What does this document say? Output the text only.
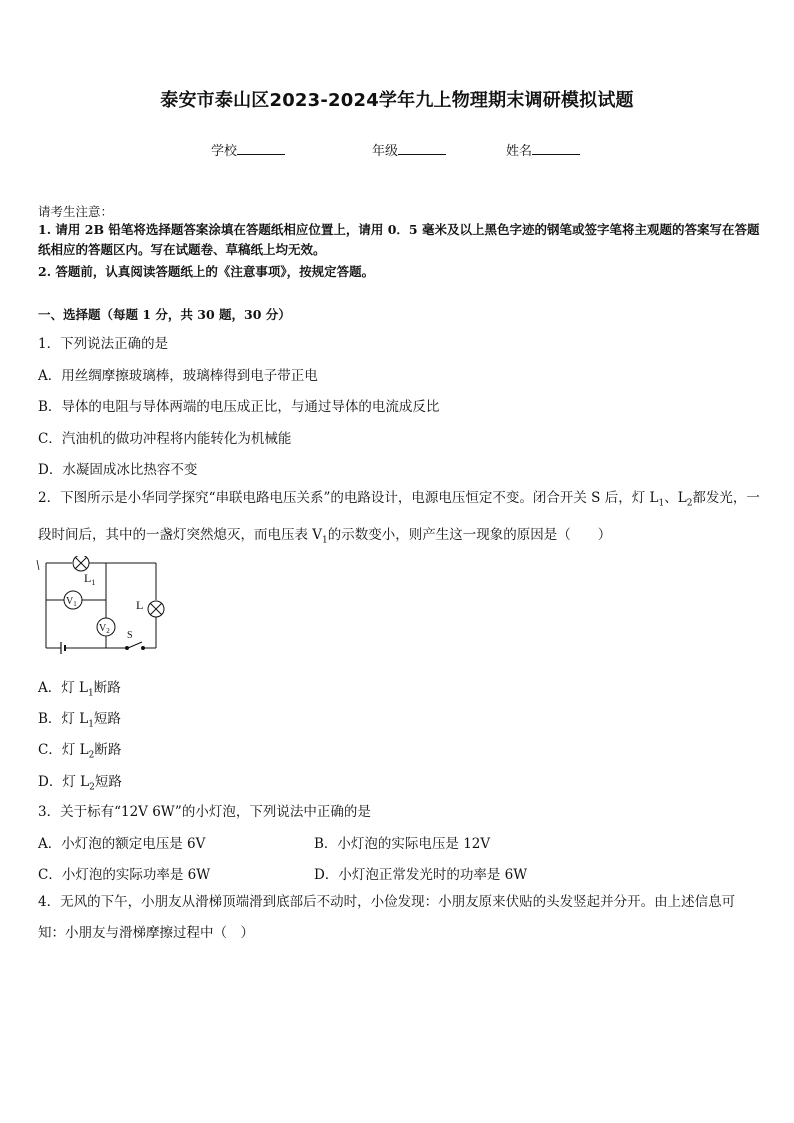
泰安市泰山区2023-2024学年九上物理期末调研模拟试题
学校	年级	姓名
请考生注意：
1. 请用 2B 铅笔将选择题答案涂填在答题纸相应位置上，请用 0．5 毫米及以上黑色字迹的钢笔或签字笔将主观题的答案写在答题纸相应的答题区内。写在试题卷、草稿纸上均无效。
2. 答题前，认真阅读答题纸上的《注意事项》，按规定答题。
一、选择题（每题 1 分，共 30 题，30 分）
1．下列说法正确的是
A．用丝绸摩擦玻璃棒，玻璃棒得到电子带正电
B．导体的电阻与导体两端的电压成正比，与通过导体的电流成反比
C．汽油机的做功冲程将内能转化为机械能
D．水凝固成冰比热容不变
2．下图所示是小华同学探究“串联电路电压关系”的电路设计，电源电压恒定不变。闭合开关 S 后，灯 $L_1$、$L_2$都发光，一段时间后，其中的一盏灯突然熄灭，而电压表 $V_1$的示数变小，则产生这一现象的原因是（　　）
$L_1$
L
$V_1$
$V_2$ S
A．灯 $L_1$断路
B．灯 $L_1$短路
C．灯 $L_2$断路
D．灯 $L_2$短路
3．关于标有“12V 6W”的小灯泡，下列说法中正确的是
A．小灯泡的额定电压是 6V	B．小灯泡的实际电压是 12V
C．小灯泡的实际功率是 6W	D．小灯泡正常发光时的功率是 6W
4．无风的下午，小朋友从滑梯顶端滑到底部后不动时，小俭发现：小朋友原来伏贴的头发竖起并分开。由上述信息可知：小朋友与滑梯摩擦过程中（　）
